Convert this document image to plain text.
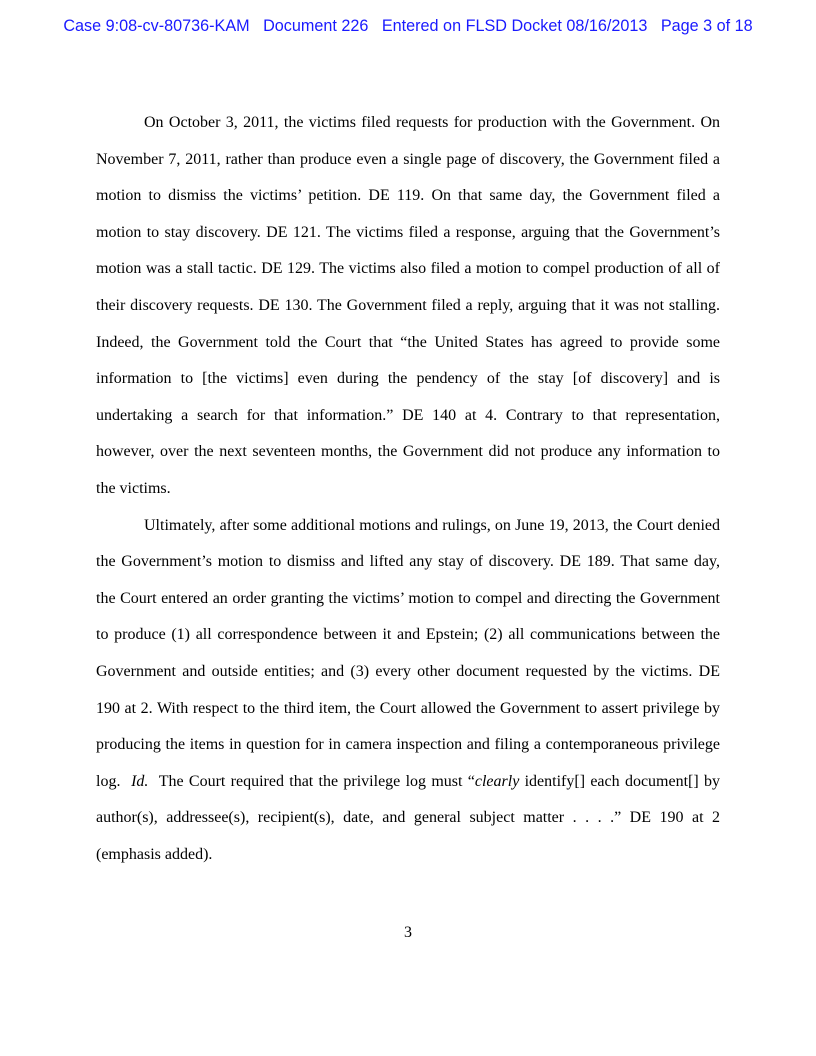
Case 9:08-cv-80736-KAM   Document 226   Entered on FLSD Docket 08/16/2013   Page 3 of 18
On October 3, 2011, the victims filed requests for production with the Government. On
November 7, 2011, rather than produce even a single page of discovery, the Government filed a
motion to dismiss the victims’ petition. DE 119. On that same day, the Government filed a
motion to stay discovery. DE 121. The victims filed a response, arguing that the Government’s
motion was a stall tactic. DE 129. The victims also filed a motion to compel production of all of
their discovery requests. DE 130. The Government filed a reply, arguing that it was not stalling.
Indeed, the Government told the Court that “the United States has agreed to provide some
information to [the victims] even during the pendency of the stay [of discovery] and is
undertaking a search for that information.” DE 140 at 4. Contrary to that representation,
however, over the next seventeen months, the Government did not produce any information to
the victims.
Ultimately, after some additional motions and rulings, on June 19, 2013, the Court denied
the Government’s motion to dismiss and lifted any stay of discovery. DE 189. That same day,
the Court entered an order granting the victims’ motion to compel and directing the Government
to produce (1) all correspondence between it and Epstein; (2) all communications between the
Government and outside entities; and (3) every other document requested by the victims. DE
190 at 2. With respect to the third item, the Court allowed the Government to assert privilege by
producing the items in question for in camera inspection and filing a contemporaneous privilege
log.  Id.  The Court required that the privilege log must “clearly identify[] each document[] by
author(s), addressee(s), recipient(s), date, and general subject matter . . . .” DE 190 at 2
(emphasis added).
3
